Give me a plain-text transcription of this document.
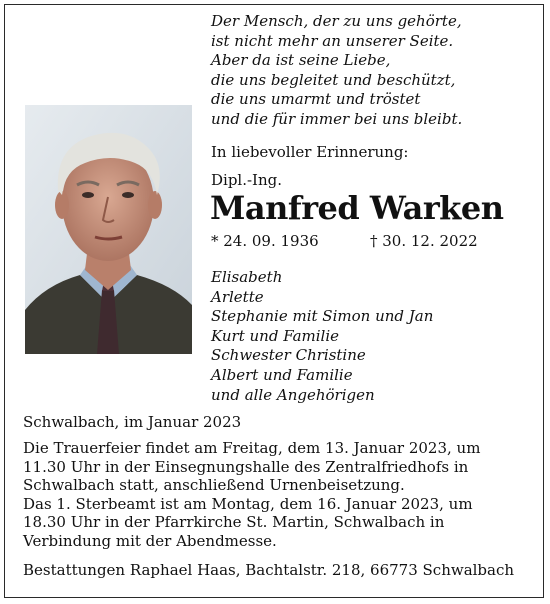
Der Mensch, der zu uns gehörte,
ist nicht mehr an unserer Seite.
Aber da ist seine Liebe,
die uns begleitet und beschützt,
die uns umarmt und tröstet
und die für immer bei uns bleibt.
In liebevoller Erinnerung:
Dipl.-Ing.
Manfred Warken
* 24. 09. 1936	† 30. 12. 2022
Elisabeth
Arlette
Stephanie mit Simon und Jan
Kurt und Familie
Schwester Christine
Albert und Familie
und alle Angehörigen
Schwalbach, im Januar 2023
Die Trauerfeier findet am Freitag, dem 13. Januar 2023, um
11.30 Uhr in der Einsegnungshalle des Zentralfriedhofs in
Schwalbach statt, anschließend Urnenbeisetzung.
Das 1. Sterbeamt ist am Montag, dem 16. Januar 2023, um
18.30 Uhr in der Pfarrkirche St. Martin, Schwalbach in
Verbindung mit der Abendmesse.
Bestattungen Raphael Haas, Bachtalstr. 218, 66773 Schwalbach
